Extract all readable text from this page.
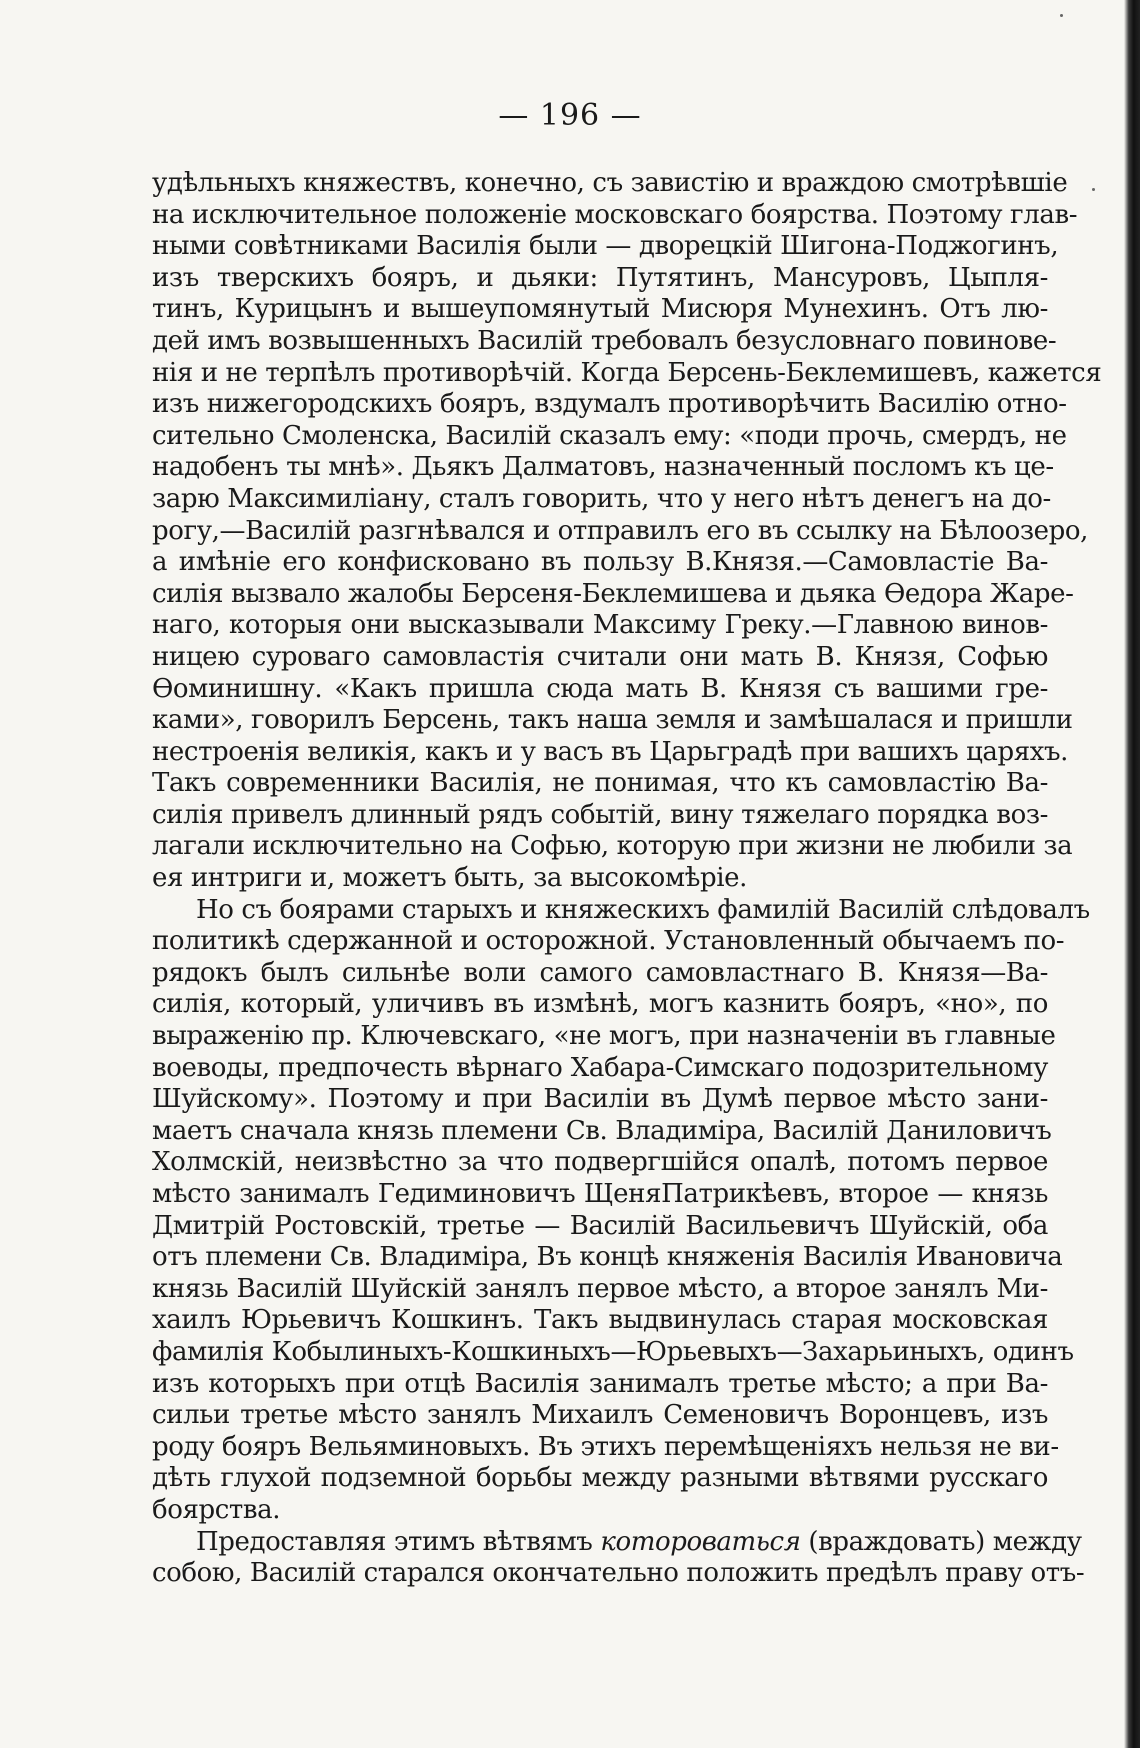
— 196 —
удѣльныхъ княжествъ, конечно, съ завистію и враждою смотрѣвшіе
на исключительное положеніе московскаго боярства. Поэтому глав-
ными совѣтниками Василія были — дворецкій Шигона-Поджогинъ,
изъ тверскихъ бояръ, и дьяки: Путятинъ, Мансуровъ, Цыпля-
тинъ, Курицынъ и вышеупомянутый Мисюря Мунехинъ. Отъ лю-
дей имъ возвышенныхъ Василій требовалъ безусловнаго повинове-
нія и не терпѣлъ противорѣчій. Когда Берсень-Беклемишевъ, кажется
изъ нижегородскихъ бояръ, вздумалъ противорѣчить Василію отно-
сительно Смоленска, Василій сказалъ ему: «поди прочь, смердъ, не
надобенъ ты мнѣ». Дьякъ Далматовъ, назначенный посломъ къ це-
зарю Максимиліану, сталъ говорить, что у него нѣтъ денегъ на до-
рогу,—Василій разгнѣвался и отправилъ его въ ссылку на Бѣлоозеро,
а имѣніе его конфисковано въ пользу В.Князя.—Самовластіе Ва-
силія вызвало жалобы Берсеня-Беклемишева и дьяка Ѳедора Жаре-
наго, которыя они высказывали Максиму Греку.—Главною винов-
ницею суроваго самовластія считали они мать В. Князя, Софью
Ѳоминишну. «Какъ пришла сюда мать В. Князя съ вашими гре-
ками», говорилъ Берсень, такъ наша земля и замѣшалася и пришли
нестроенія великія, какъ и у васъ въ Царьградѣ при вашихъ царяхъ.
Такъ современники Василія, не понимая, что къ самовластію Ва-
силія привелъ длинный рядъ событій, вину тяжелаго порядка воз-
лагали исключительно на Софью, которую при жизни не любили за
ея интриги и, можетъ быть, за высокомѣріе.
Но съ боярами старыхъ и княжескихъ фамилій Василій слѣдовалъ
политикѣ сдержанной и осторожной. Установленный обычаемъ по-
рядокъ былъ сильнѣе воли самого самовластнаго В. Князя—Ва-
силія, который, уличивъ въ измѣнѣ, могъ казнить бояръ, «но», по
выраженію пр. Ключевскаго, «не могъ, при назначеніи въ главные
воеводы, предпочесть вѣрнаго Хабара-Симскаго подозрительному
Шуйскому». Поэтому и при Василіи въ Думѣ первое мѣсто зани-
маетъ сначала князь племени Св. Владиміра, Василій Даниловичъ
Холмскій, неизвѣстно за что подвергшійся опалѣ, потомъ первое
мѣсто занималъ Гедиминовичъ ЩеняПатрикѣевъ, второе — князь
Дмитрій Ростовскій, третье — Василій Васильевичъ Шуйскій, оба
отъ племени Св. Владиміра, Въ концѣ княженія Василія Ивановича
князь Василій Шуйскій занялъ первое мѣсто, а второе занялъ Ми-
хаилъ Юрьевичъ Кошкинъ. Такъ выдвинулась старая московская
фамилія Кобылиныхъ-Кошкиныхъ—Юрьевыхъ—Захарьиныхъ, одинъ
изъ которыхъ при отцѣ Василія занималъ третье мѣсто; а при Ва-
сильи третье мѣсто занялъ Михаилъ Семеновичъ Воронцевъ, изъ
роду бояръ Вельяминовыхъ. Въ этихъ перемѣщеніяхъ нельзя не ви-
дѣть глухой подземной борьбы между разными вѣтвями русскаго
боярства.
Предоставляя этимъ вѣтвямъ которoваться (враждовать) между
собою, Василій старался окончательно положить предѣлъ праву отъ-
